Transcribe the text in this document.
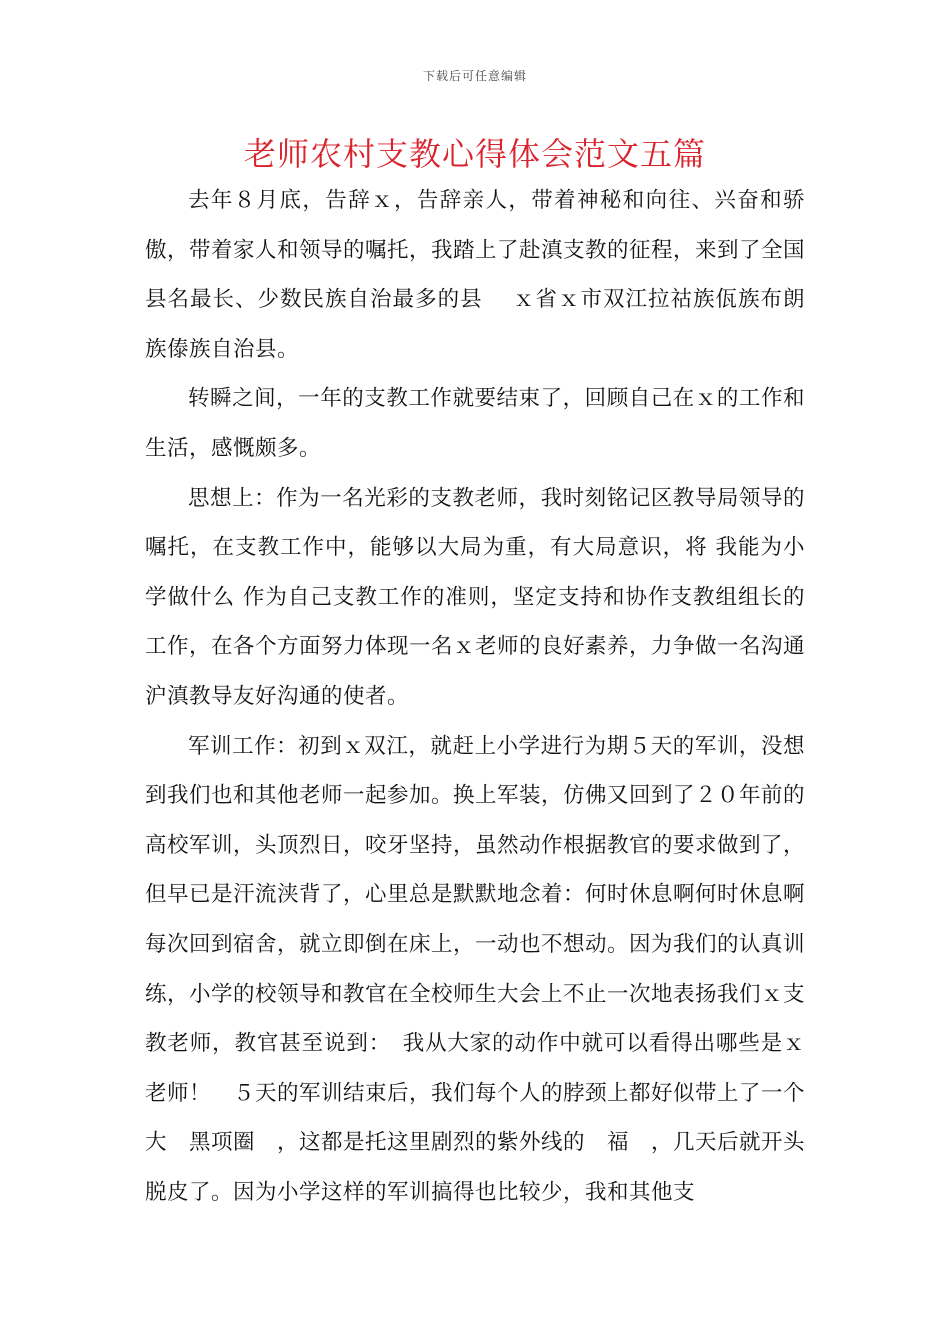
下载后可任意编辑
老师农村支教心得体会范文五篇

去年８月底，告辞ｘ，告辞亲人，带着神秘和向往、兴奋和骄傲，带着家人和领导的嘱托，我踏上了赴滇支教的征程，来到了全国县名最长、少数民族自治最多的县　 ｘ省ｘ市双江拉祜族佤族布朗族傣族自治县。

转瞬之间，一年的支教工作就要结束了，回顾自己在ｘ的工作和生活，感慨颇多。

思想上：作为一名光彩的支教老师，我时刻铭记区教导局领导的嘱托，在支教工作中，能够以大局为重，有大局意识，将 我能为小学做什么 作为自己支教工作的准则，坚定支持和协作支教组组长的工作，在各个方面努力体现一名ｘ老师的良好素养，力争做一名沟通沪滇教导友好沟通的使者。

军训工作：初到ｘ双江，就赶上小学进行为期５天的军训，没想到我们也和其他老师一起参加。换上军装，仿佛又回到了２０年前的高校军训，头顶烈日，咬牙坚持，虽然动作根据教官的要求做到了，但早已是汗流浃背了，心里总是默默地念着：何时休息啊何时休息啊每次回到宿舍，就立即倒在床上，一动也不想动。因为我们的认真训练，小学的校领导和教官在全校师生大会上不止一次地表扬我们ｘ支教老师，教官甚至说到：　我从大家的动作中就可以看得出哪些是ｘ老师！　５天的军训结束后，我们每个人的脖颈上都好似带上了一个大　黑项圈　，这都是托这里剧烈的紫外线的　福　，几天后就开头脱皮了。因为小学这样的军训搞得也比较少，我和其他支
